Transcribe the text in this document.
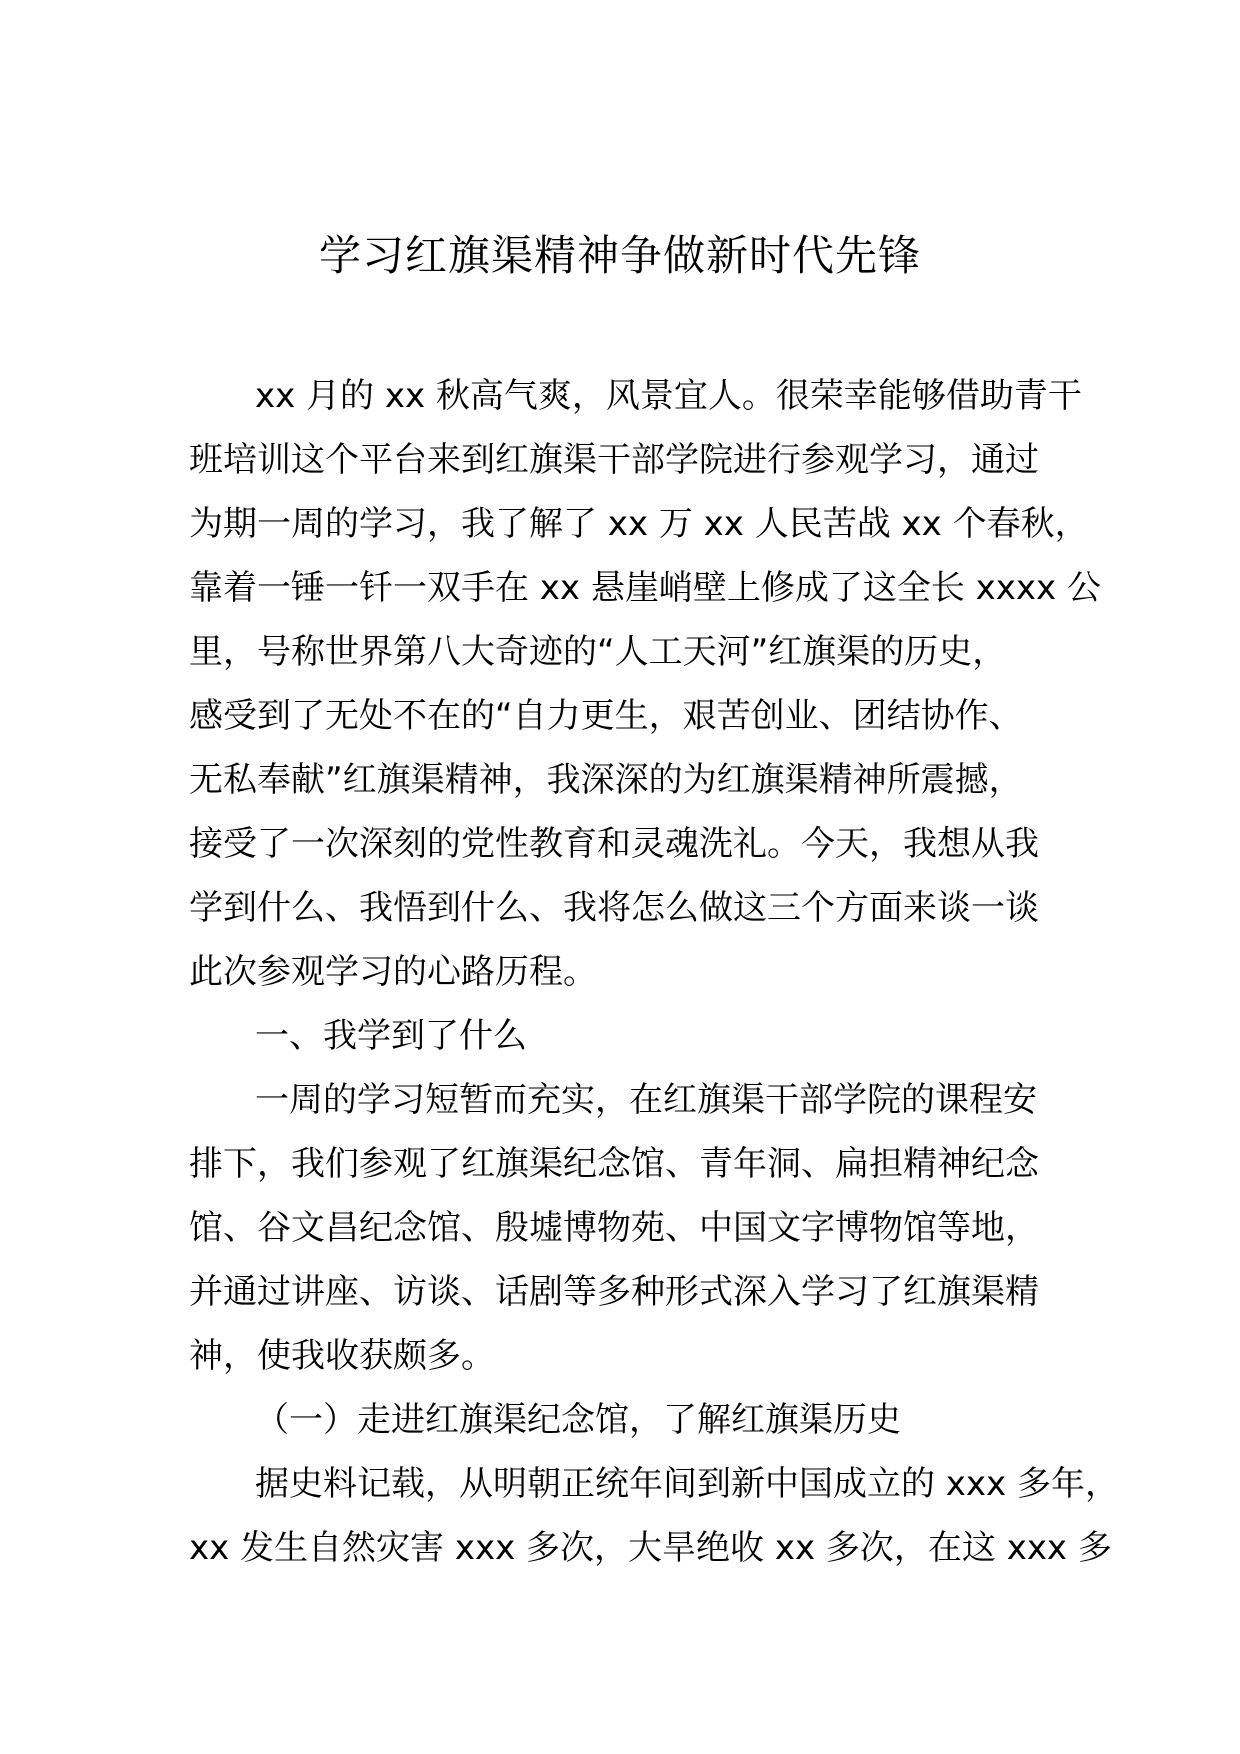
学习红旗渠精神争做新时代先锋
xx 月的 xx 秋高气爽，风景宜人。很荣幸能够借助青干
班培训这个平台来到红旗渠干部学院进行参观学习，通过
为期一周的学习，我了解了 xx 万 xx 人民苦战 xx 个春秋，
靠着一锤一钎一双手在 xx 悬崖峭壁上修成了这全长 xxxx 公
里，号称世界第八大奇迹的“人工天河”红旗渠的历史，
感受到了无处不在的“自力更生，艰苦创业、团结协作、
无私奉献”红旗渠精神，我深深的为红旗渠精神所震撼，
接受了一次深刻的党性教育和灵魂洗礼。今天，我想从我
学到什么、我悟到什么、我将怎么做这三个方面来谈一谈
此次参观学习的心路历程。
一、我学到了什么
一周的学习短暂而充实，在红旗渠干部学院的课程安
排下，我们参观了红旗渠纪念馆、青年洞、扁担精神纪念
馆、谷文昌纪念馆、殷墟博物苑、中国文字博物馆等地，
并通过讲座、访谈、话剧等多种形式深入学习了红旗渠精
神，使我收获颇多。
（一）走进红旗渠纪念馆，了解红旗渠历史
据史料记载，从明朝正统年间到新中国成立的 xxx 多年，
xx 发生自然灾害 xxx 多次，大旱绝收 xx 多次，在这 xxx 多
